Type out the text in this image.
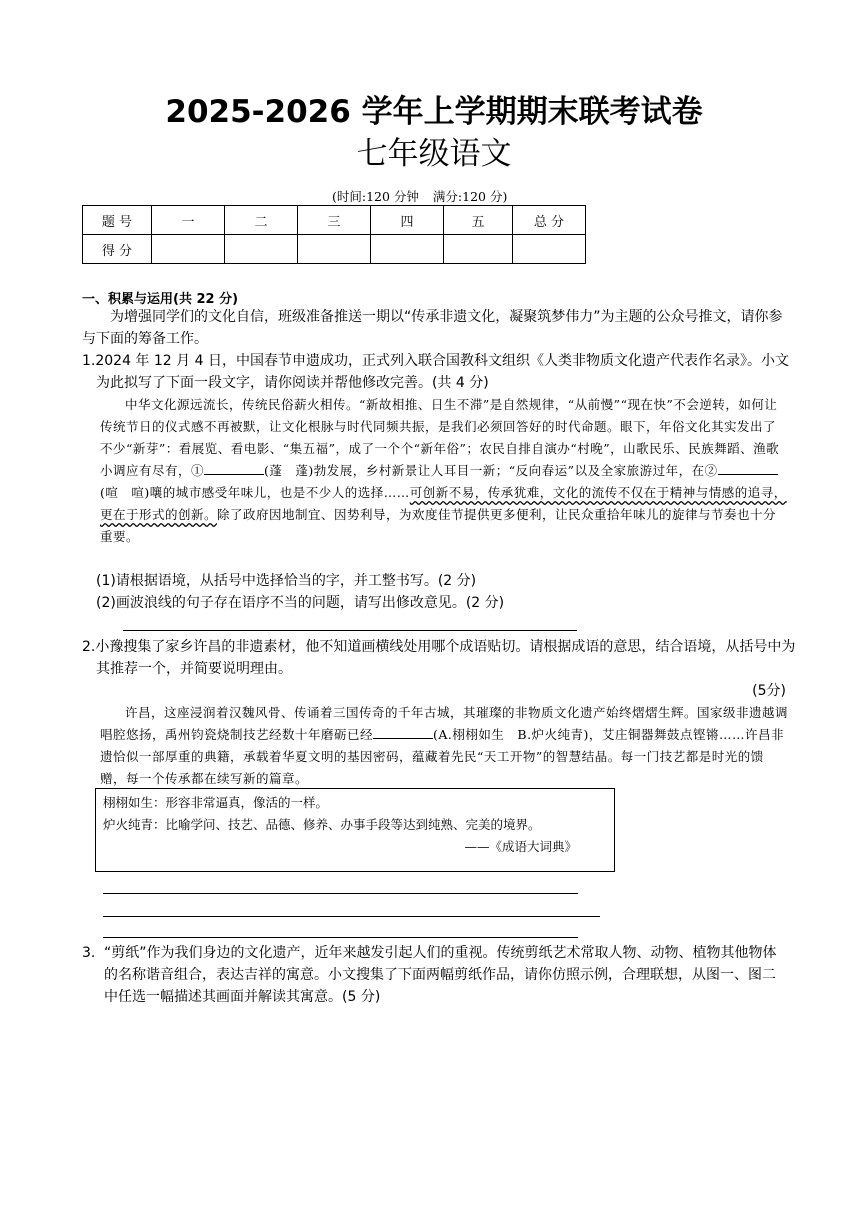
2025-2026 学年上学期期末联考试卷
七年级语文
(时间:120 分钟 满分:120 分)
题 号	一	二	三	四	五	总 分
得 分						
一、积累与运用(共 22 分)
为增强同学们的文化自信，班级准备推送一期以“传承非遗文化，凝聚筑梦伟力”为主题的公众号推文，请你参与下面的筹备工作。
1.2024 年 12 月 4 日，中国春节申遗成功，正式列入联合国教科文组织《人类非物质文化遗产代表作名录》。小文为此拟写了下面一段文字，请你阅读并帮他修改完善。(共 4 分)
中华文化源远流长，传统民俗薪火相传。“新故相推、日生不滞”是自然规律，“从前慢”“现在快”不会逆转，如何让传统节日的仪式感不再被默，让文化根脉与时代同频共振，是我们必须回答好的时代命题。眼下，年俗文化其实发出了不少“新芽”：看展览、看电影、“集五福”，成了一个个“新年俗”；农民自排自演办“村晚”，山歌民乐、民族舞蹈、渔歌小调应有尽有，①	(蓬　蓬)勃发展，乡村新景让人耳目一新；“反向春运”以及全家旅游过年，在②(喧　喧)嚷的城市感受年味儿，也是不少人的选择……可创新不易，传承犹难，文化的流传不仅在于精神与情感的追寻，更在于形式的创新。除了政府因地制宜、因势利导，为欢度佳节提供更多便利，让民众重拾年味儿的旋律与节奏也十分重要。
(1)请根据语境，从括号中选择恰当的字，并工整书写。(2 分)
(2)画波浪线的句子存在语序不当的问题，请写出修改意见。(2 分)
2.小豫搜集了家乡许昌的非遗素材，他不知道画横线处用哪个成语贴切。请根据成语的意思，结合语境，从括号中为其推荐一个，并简要说明理由。
(5分)
许昌，这座浸润着汉魏风骨、传诵着三国传奇的千年古城，其璀璨的非物质文化遗产始终熠熠生辉。国家级非遗越调唱腔悠扬，禹州钧瓷烧制技艺经数十年磨砺已经	(A.栩栩如生　B.炉火纯青)，艾庄铜器舞鼓点铿锵……许昌非遗恰似一部厚重的典籍，承载着华夏文明的基因密码，蕴藏着先民“天工开物”的智慧结晶。每一门技艺都是时光的馈赠，每一个传承都在续写新的篇章。
栩栩如生：形容非常逼真，像活的一样。
炉火纯青：比喻学问、技艺、品德、修养、办事手段等达到纯熟、完美的境界。
——《成语大词典》
3. “剪纸”作为我们身边的文化遗产，近年来越发引起人们的重视。传统剪纸艺术常取人物、动物、植物其他物体的名称谐音组合，表达吉祥的寓意。小文搜集了下面两幅剪纸作品，请你仿照示例，合理联想，从图一、图二中任选一幅描述其画面并解读其寓意。(5 分)
